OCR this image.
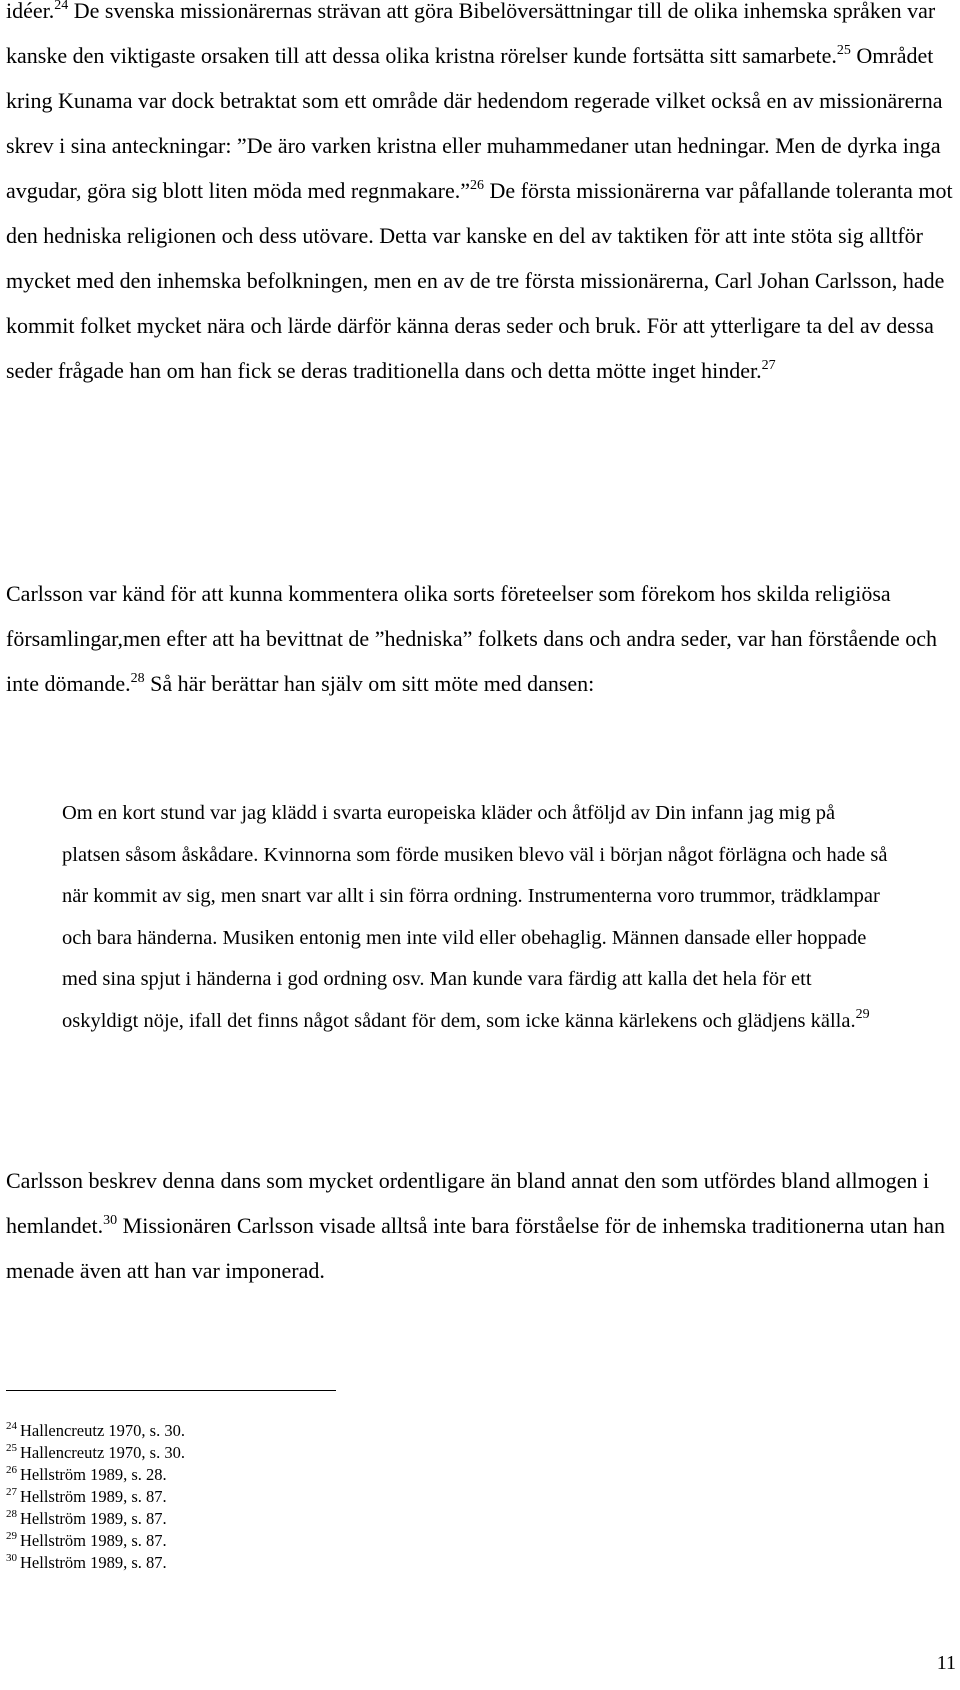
idéer.$^{24}$ De svenska missionärernas strävan att göra Bibelöversättningar till de olika inhemska språken var kanske den viktigaste orsaken till att dessa olika kristna rörelser kunde fortsätta sitt samarbete.$^{25}$ Området kring Kunama var dock betraktat som ett område där hedendom regerade vilket också en av missionärerna skrev i sina anteckningar: ”De äro varken kristna eller muhammedaner utan hedningar. Men de dyrka inga avgudar, göra sig blott liten möda med regnmakare.”$^{26}$ De första missionärerna var påfallande toleranta mot den hedniska religionen och dess utövare. Detta var kanske en del av taktiken för att inte stöta sig alltför mycket med den inhemska befolkningen, men en av de tre första missionärerna, Carl Johan Carlsson, hade kommit folket mycket nära och lärde därför känna deras seder och bruk. För att ytterligare ta del av dessa seder frågade han om han fick se deras traditionella dans och detta mötte inget hinder.$^{27}$

Carlsson var känd för att kunna kommentera olika sorts företeelser som förekom hos skilda religiösa församlingar,men efter att ha bevittnat de ”hedniska” folkets dans och andra seder, var han förstående och inte dömande.$^{28}$ Så här berättar han själv om sitt möte med dansen:

Om en kort stund var jag klädd i svarta europeiska kläder och åtföljd av Din infann jag mig på platsen såsom åskådare. Kvinnorna som förde musiken blevo väl i början något förlägna och hade så när kommit av sig, men snart var allt i sin förra ordning. Instrumenterna voro trummor, trädklampar och bara händerna. Musiken entonig men inte vild eller obehaglig. Männen dansade eller hoppade med sina spjut i händerna i god ordning osv. Man kunde vara färdig att kalla det hela för ett oskyldigt nöje, ifall det finns något sådant för dem, som icke känna kärlekens och glädjens källa.$^{29}$

Carlsson beskrev denna dans som mycket ordentligare än bland annat den som utfördes bland allmogen i hemlandet.$^{30}$ Missionären Carlsson visade alltså inte bara förståelse för de inhemska traditionerna utan han menade även att han var imponerad.

$^{24}$ Hallencreutz 1970, s. 30.
$^{25}$ Hallencreutz 1970, s. 30.
$^{26}$ Hellström 1989, s. 28.
$^{27}$ Hellström 1989, s. 87.
$^{28}$ Hellström 1989, s. 87.
$^{29}$ Hellström 1989, s. 87.
$^{30}$ Hellström 1989, s. 87.
11
